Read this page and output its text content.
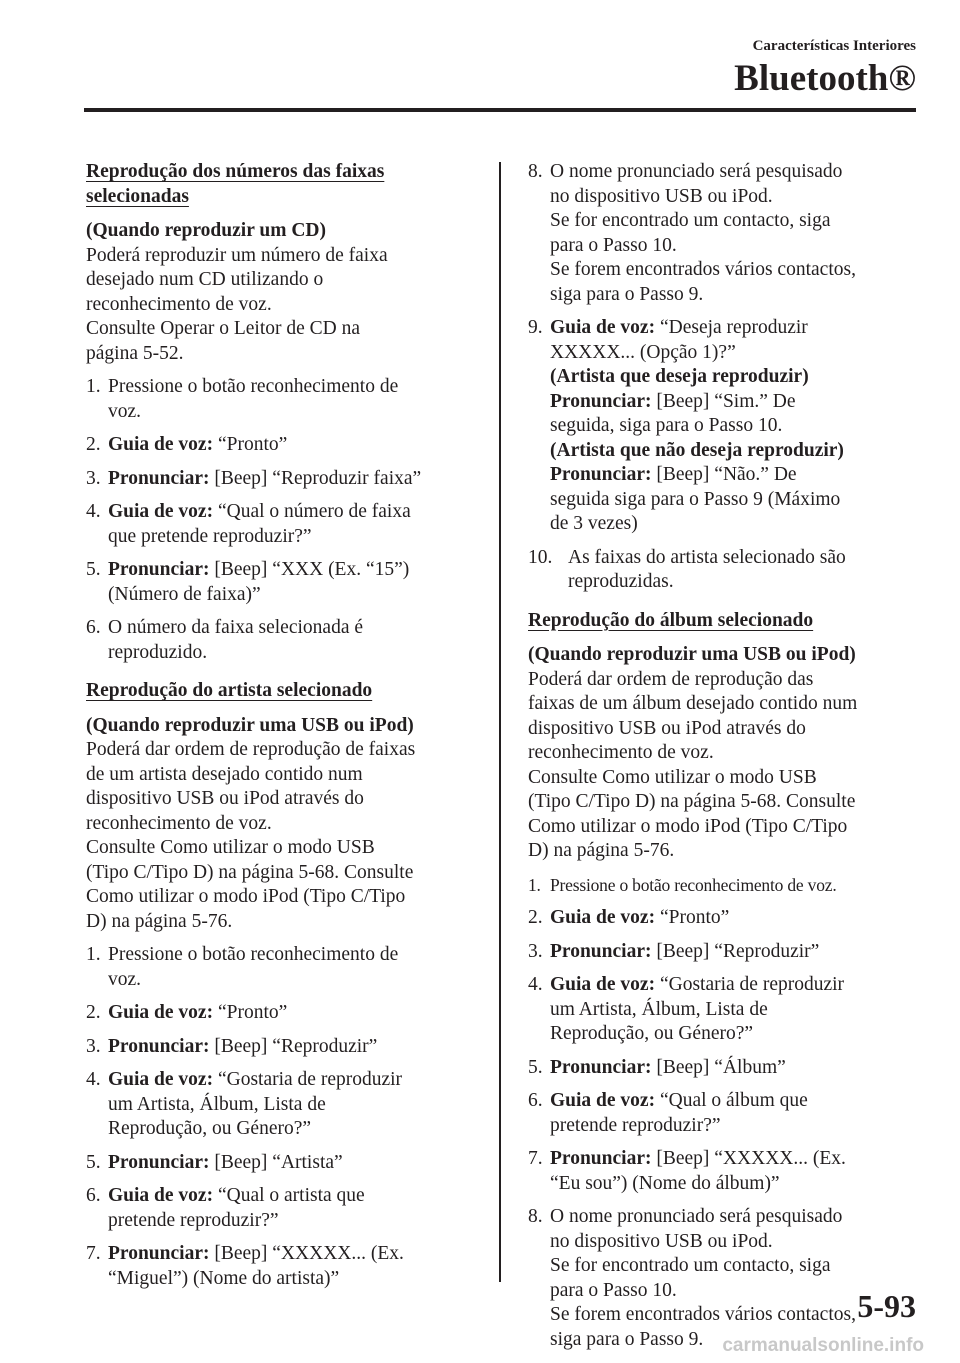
Características Interiores
Bluetooth®

Reprodução dos números das faixas
selecionadas

(Quando reproduzir um CD)

Poderá reproduzir um número de faixa
desejado num CD utilizando o
reconhecimento de voz.
Consulte Operar o Leitor de CD na
página 5-52.
1. Pressione o botão reconhecimento de
voz.
2. Guia de voz: “Pronto”
3. Pronunciar: [Beep] “Reproduzir faixa”
4. Guia de voz: “Qual o número de faixa
que pretende reproduzir?”
5. Pronunciar: [Beep] “XXX (Ex. “15”)
(Número de faixa)”
6. O número da faixa selecionada é
reproduzido.

Reprodução do artista selecionado

(Quando reproduzir uma USB ou iPod)

Poderá dar ordem de reprodução de faixas
de um artista desejado contido num
dispositivo USB ou iPod através do
reconhecimento de voz.
Consulte Como utilizar o modo USB
(Tipo C/Tipo D) na página 5-68. Consulte
Como utilizar o modo iPod (Tipo C/Tipo
D) na página 5-76.
1. Pressione o botão reconhecimento de
voz.
2. Guia de voz: “Pronto”
3. Pronunciar: [Beep] “Reproduzir”
4. Guia de voz: “Gostaria de reproduzir
um Artista, Álbum, Lista de
Reprodução, ou Género?”
5. Pronunciar: [Beep] “Artista”
6. Guia de voz: “Qual o artista que
pretende reproduzir?”
7. Pronunciar: [Beep] “XXXXX... (Ex.
“Miguel”) (Nome do artista)”
8. O nome pronunciado será pesquisado
no dispositivo USB ou iPod.
Se for encontrado um contacto, siga
para o Passo 10.
Se forem encontrados vários contactos,
siga para o Passo 9.
9. Guia de voz: “Deseja reproduzir
XXXXX... (Opção 1)?”
(Artista que deseja reproduzir)
Pronunciar: [Beep] “Sim.” De
seguida, siga para o Passo 10.
(Artista que não deseja reproduzir)
Pronunciar: [Beep] “Não.” De
seguida siga para o Passo 9 (Máximo
de 3 vezes)
10. As faixas do artista selecionado são
reproduzidas.

Reprodução do álbum selecionado

(Quando reproduzir uma USB ou iPod)

Poderá dar ordem de reprodução das
faixas de um álbum desejado contido num
dispositivo USB ou iPod através do
reconhecimento de voz.
Consulte Como utilizar o modo USB
(Tipo C/Tipo D) na página 5-68. Consulte
Como utilizar o modo iPod (Tipo C/Tipo
D) na página 5-76.
1. Pressione o botão reconhecimento de voz.
2. Guia de voz: “Pronto”
3. Pronunciar: [Beep] “Reproduzir”
4. Guia de voz: “Gostaria de reproduzir
um Artista, Álbum, Lista de
Reprodução, ou Género?”
5. Pronunciar: [Beep] “Álbum”
6. Guia de voz: “Qual o álbum que
pretende reproduzir?”
7. Pronunciar: [Beep] “XXXXX... (Ex.
“Eu sou”) (Nome do álbum)”
8. O nome pronunciado será pesquisado
no dispositivo USB ou iPod.
Se for encontrado um contacto, siga
para o Passo 10.
Se forem encontrados vários contactos,
siga para o Passo 9.
5-93
carmanualsonline.info
